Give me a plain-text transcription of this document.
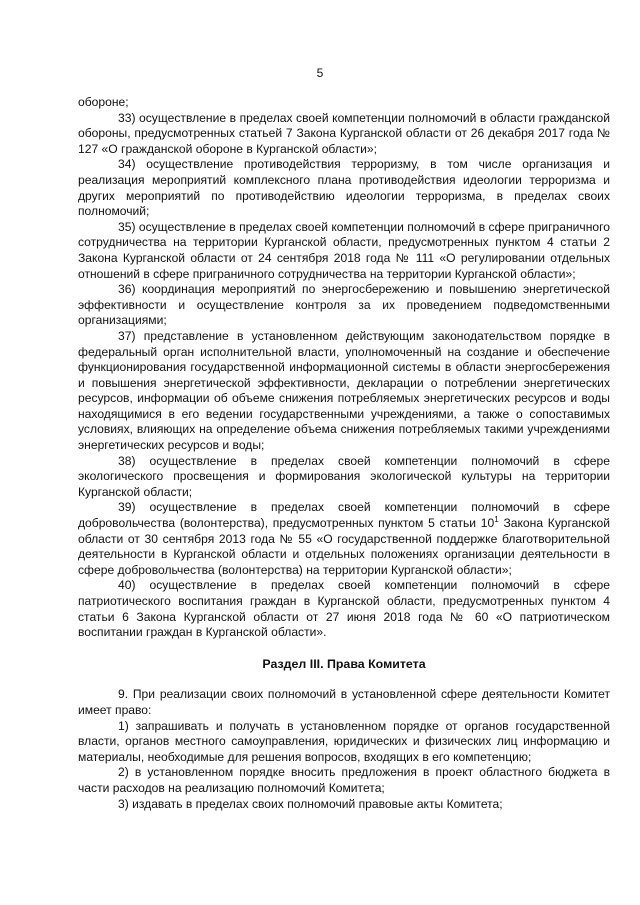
5

обороне;

33) осуществление в пределах своей компетенции полномочий в области гражданской обороны, предусмотренных статьей 7 Закона Курганской области от 26 декабря 2017 года № 127 «О гражданской обороне в Курганской области»;

34) осуществление противодействия терроризму, в том числе организация и реализация мероприятий комплексного плана противодействия идеологии терроризма и других мероприятий по противодействию идеологии терроризма, в пределах своих полномочий;

35) осуществление в пределах своей компетенции полномочий в сфере приграничного сотрудничества на территории Курганской области, предусмотренных пунктом 4 статьи 2 Закона Курганской области от 24 сентября 2018 года № 111 «О регулировании отдельных отношений в сфере приграничного сотрудничества на территории Курганской области»;

36) координация мероприятий по энергосбережению и повышению энергетической эффективности и осуществление контроля за их проведением подведомственными организациями;

37) представление в установленном действующим законодательством порядке в федеральный орган исполнительной власти, уполномоченный на создание и обеспечение функционирования государственной информационной системы в области энергосбережения и повышения энергетической эффективности, декларации о потреблении энергетических ресурсов, информации об объеме снижения потребляемых энергетических ресурсов и воды находящимися в его ведении государственными учреждениями, а также о сопоставимых условиях, влияющих на определение объема снижения потребляемых такими учреждениями энергетических ресурсов и воды;

38) осуществление в пределах своей компетенции полномочий в сфере экологического просвещения и формирования экологической культуры на территории Курганской области;

39) осуществление в пределах своей компетенции полномочий в сфере добровольчества (волонтерства), предусмотренных пунктом 5 статьи $10^1$ Закона Курганской области от 30 сентября 2013 года № 55 «О государственной поддержке благотворительной деятельности в Курганской области и отдельных положениях организации деятельности в сфере добровольчества (волонтерства) на территории Курганской области»;

40) осуществление в пределах своей компетенции полномочий в сфере патриотического воспитания граждан в Курганской области, предусмотренных пунктом 4 статьи 6 Закона Курганской области от 27 июня 2018 года № 60 «О патриотическом воспитании граждан в Курганской области».

Раздел III. Права Комитета

9. При реализации своих полномочий в установленной сфере деятельности Комитет имеет право:

1) запрашивать и получать в установленном порядке от органов государственной власти, органов местного самоуправления, юридических и физических лиц информацию и материалы, необходимые для решения вопросов, входящих в его компетенцию;

2) в установленном порядке вносить предложения в проект областного бюджета в части расходов на реализацию полномочий Комитета;

3) издавать в пределах своих полномочий правовые акты Комитета;
